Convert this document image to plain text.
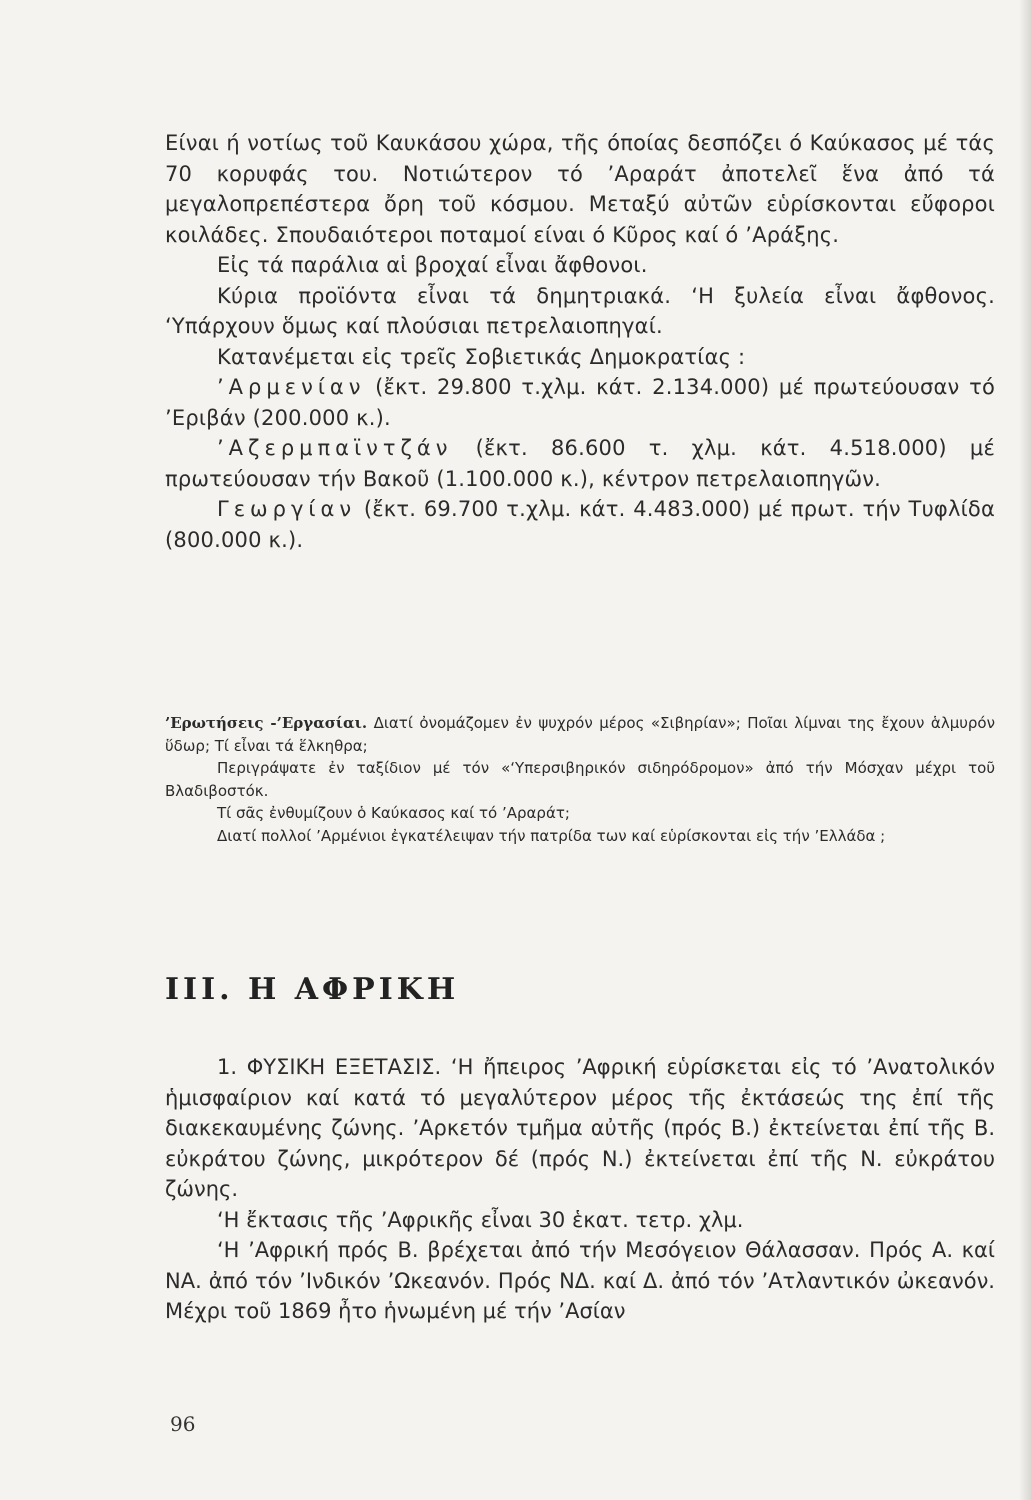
Είναι ή νοτίως τοῦ Καυκάσου χώρα, τῆς όποίας δεσπόζει ό Καύκασος μέ τάς 70 κορυφάς του. Νοτιώτερον τό ’Αραράτ ἀποτελεῖ ἕνα ἀπό τά μεγαλοπρεπέστερα ὄρη τοῦ κόσμου. Μεταξύ αὐτῶν εὑρίσκονται εὔφοροι κοιλάδες. Σπουδαιότεροι ποταμοί είναι ό Κῦρος καί ό ’Αράξης.

Εἰς τά παράλια αἱ βροχαί εἶναι ἄφθονοι.

Κύρια προϊόντα εἶναι τά δημητριακά. ‘Η ξυλεία εἶναι ἄφθονος. ‘Υπάρχουν ὅμως καί πλούσιαι πετρελαιοπηγαί.

Κατανέμεται εἰς τρεῖς Σοβιετικάς Δημοκρατίας :

’Αρμενίαν (ἔκτ. 29.800 τ.χλμ. κάτ. 2.134.000) μέ πρωτεύουσαν τό ’Εριβάν (200.000 κ.).

’Αζερμπαϊντζάν (ἔκτ. 86.600 τ. χλμ. κάτ. 4.518.000) μέ πρωτεύουσαν τήν Βακοῦ (1.100.000 κ.), κέντρον πετρελαιοπηγῶν.

Γεωργίαν (ἔκτ. 69.700 τ.χλμ. κάτ. 4.483.000) μέ πρωτ. τήν Τυφλίδα (800.000 κ.).

’Ερωτήσεις -’Εργασίαι. Διατί ὀνομάζομεν ἐν ψυχρόν μέρος «Σιβηρίαν»; Ποῖαι λίμναι της ἔχουν ἁλμυρόν ὕδωρ; Τί εἶναι τά ἕλκηθρα;

Περιγράψατε ἐν ταξίδιον μέ τόν «‘Υπερσιβηρικόν σιδηρόδρομον» ἀπό τήν Μόσχαν μέχρι τοῦ Βλαδιβοστόκ.

Τί σᾶς ἐνθυμίζουν ὁ Καύκασος καί τό ’Αραράτ;

Διατί πολλοί ’Αρμένιοι ἐγκατέλειψαν τήν πατρίδα των καί εὑρίσκονται εἰς τήν ’Ελλάδα ;

ΙΙΙ. Η ΑΦΡΙΚΗ

1. ΦΥΣΙΚΗ ΕΞΕΤΑΣΙΣ. ‘Η ἤπειρος ’Αφρική εὑρίσκεται εἰς τό ’Ανατολικόν ἡμισφαίριον καί κατά τό μεγαλύτερον μέρος τῆς ἐκτάσεώς της ἐπί τῆς διακεκαυμένης ζώνης. ’Αρκετόν τμῆμα αὐτῆς (πρός Β.) ἐκτείνεται ἐπί τῆς Β. εὐκράτου ζώνης, μικρότερον δέ (πρός Ν.) ἐκτείνεται ἐπί τῆς Ν. εὐκράτου ζώνης.

‘Η ἔκτασις τῆς ’Αφρικῆς εἶναι 30 ἑκατ. τετρ. χλμ.

‘Η ’Αφρική πρός Β. βρέχεται ἀπό τήν Μεσόγειον Θάλασσαν. Πρός Α. καί ΝΑ. ἀπό τόν ’Ινδικόν ’Ωκεανόν. Πρός ΝΔ. καί Δ. ἀπό τόν ’Ατλαντικόν ὠκεανόν. Μέχρι τοῦ 1869 ἦτο ἡνωμένη μέ τήν ’Ασίαν

96
